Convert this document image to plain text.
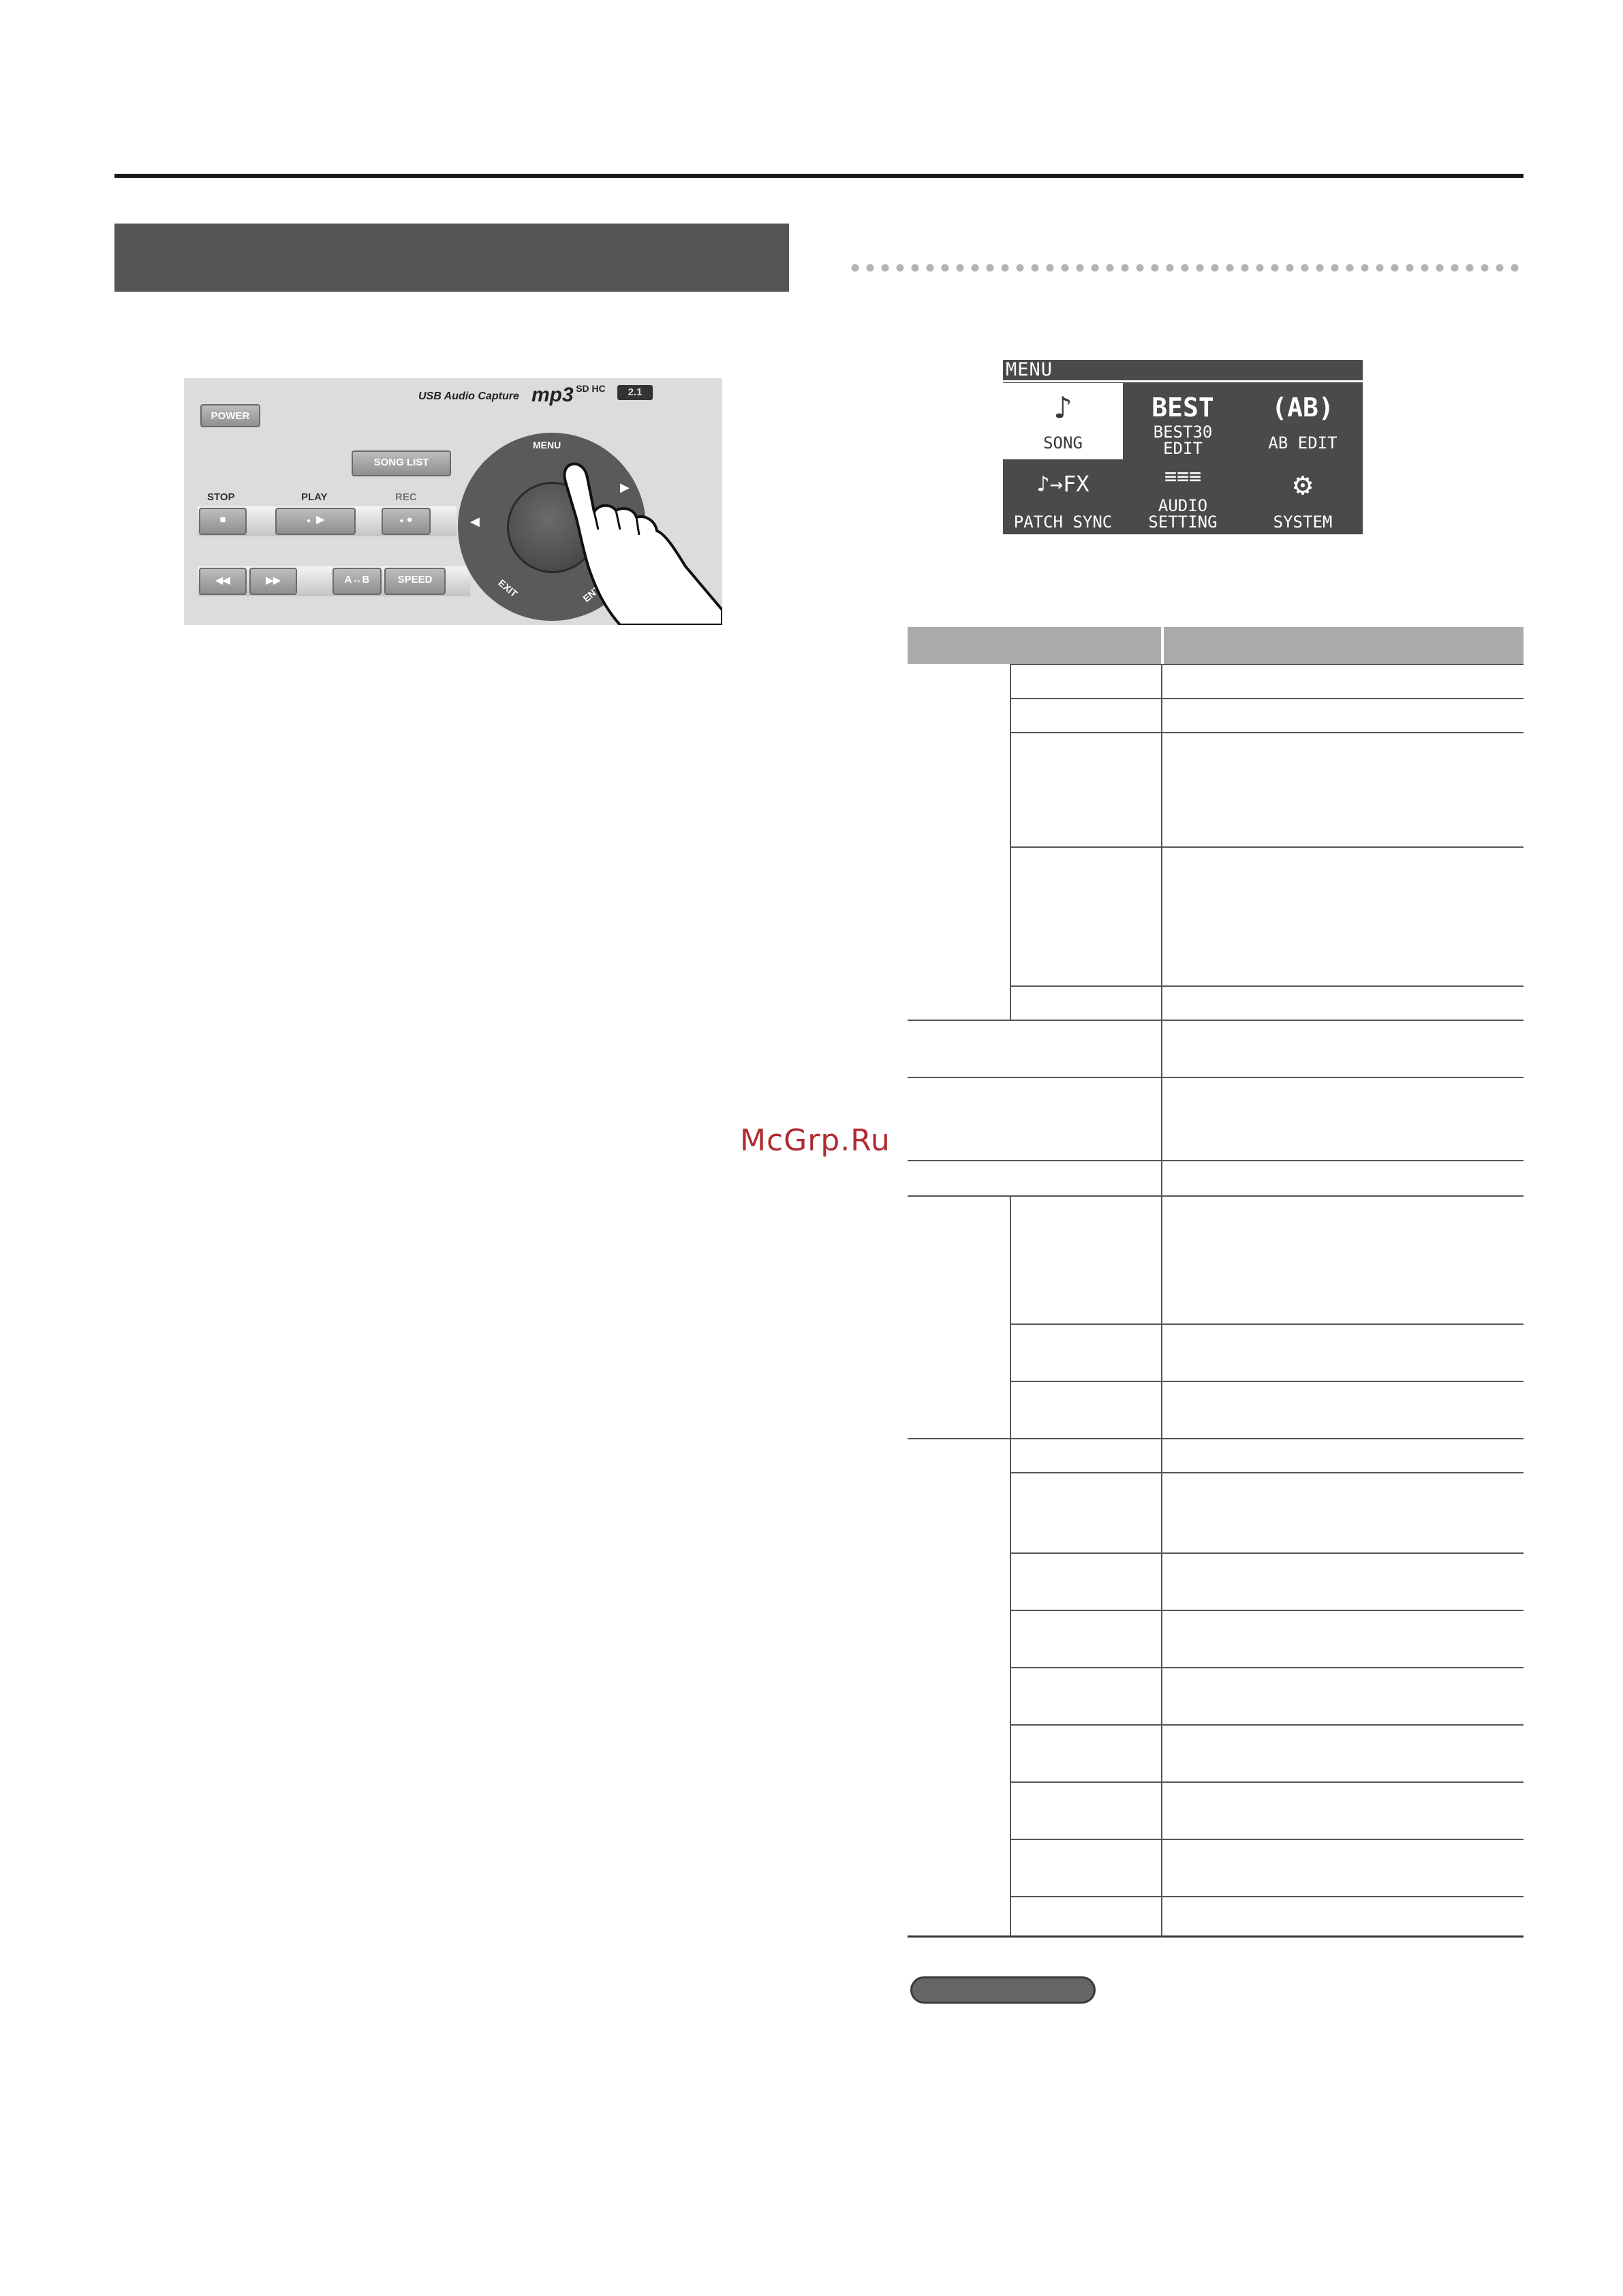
USB Audio Capture mp3 SD HC	2.1
POWER
SONG LIST
STOP	PLAY	REC
■	● ▶	● ●
◀◀	▶▶	A↔B	SPEED
MENU
◀
▶
EXIT
MENU
♪
SONG
BEST
BEST30
EDIT
(AB)
AB EDIT
♪→FX
PATCH SYNC
≡≡≡
AUDIO
SETTING
⚙
SYSTEM
McGrp.Ru
